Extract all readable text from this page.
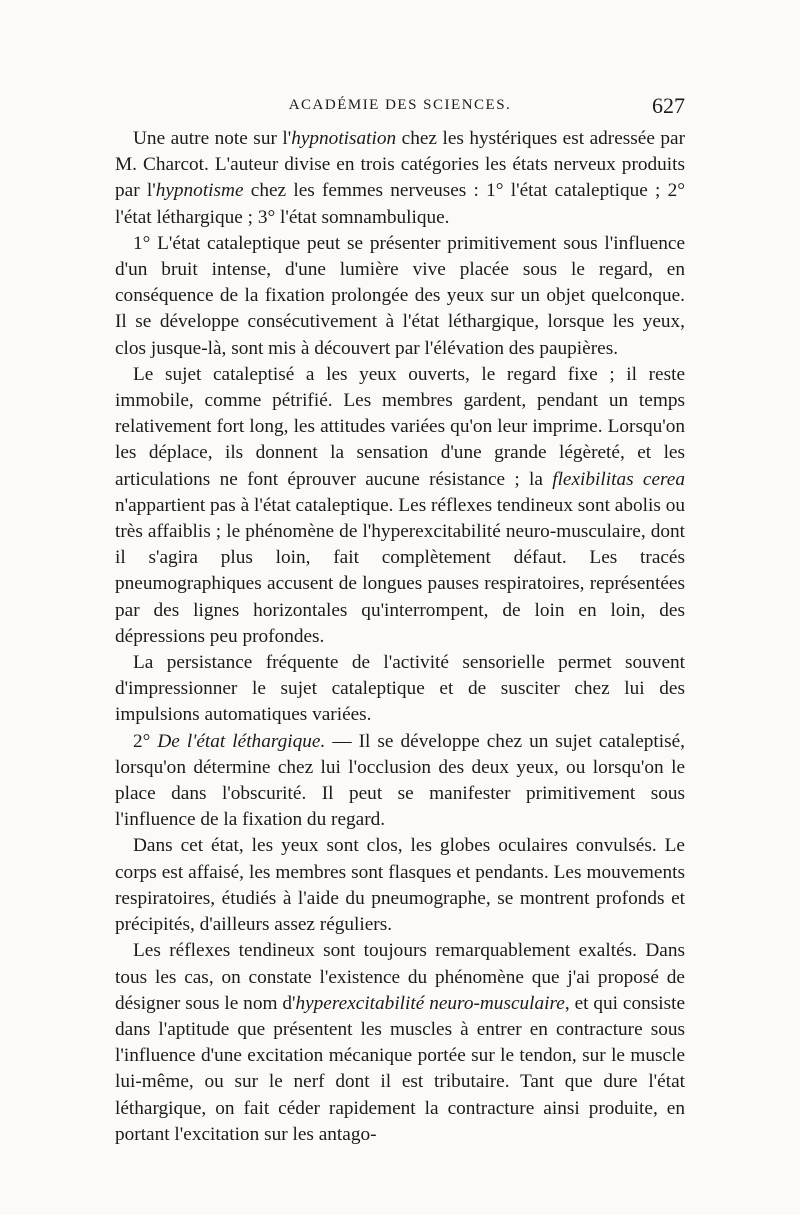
ACADÉMIE DES SCIENCES.	627

Une autre note sur l'hypnotisation chez les hystériques est adressée par M. Charcot. L'auteur divise en trois catégories les états nerveux produits par l'hypnotisme chez les femmes nerveuses : 1° l'état cataleptique ; 2° l'état léthargique ; 3° l'état somnambulique.

1° L'état cataleptique peut se présenter primitivement sous l'influence d'un bruit intense, d'une lumière vive placée sous le regard, en conséquence de la fixation prolongée des yeux sur un objet quelconque. Il se développe consécutivement à l'état léthargique, lorsque les yeux, clos jusque-là, sont mis à découvert par l'élévation des paupières.

Le sujet cataleptisé a les yeux ouverts, le regard fixe ; il reste immobile, comme pétrifié. Les membres gardent, pendant un temps relativement fort long, les attitudes variées qu'on leur imprime. Lorsqu'on les déplace, ils donnent la sensation d'une grande légèreté, et les articulations ne font éprouver aucune résistance ; la flexibilitas cerea n'appartient pas à l'état cataleptique. Les réflexes tendineux sont abolis ou très affaiblis ; le phénomène de l'hyperexcitabilité neuro-musculaire, dont il s'agira plus loin, fait complètement défaut. Les tracés pneumographiques accusent de longues pauses respiratoires, représentées par des lignes horizontales qu'interrompent, de loin en loin, des dépressions peu profondes.

La persistance fréquente de l'activité sensorielle permet souvent d'impressionner le sujet cataleptique et de susciter chez lui des impulsions automatiques variées.

2° De l'état léthargique. — Il se développe chez un sujet cataleptisé, lorsqu'on détermine chez lui l'occlusion des deux yeux, ou lorsqu'on le place dans l'obscurité. Il peut se manifester primitivement sous l'influence de la fixation du regard.

Dans cet état, les yeux sont clos, les globes oculaires convulsés. Le corps est affaisé, les membres sont flasques et pendants. Les mouvements respiratoires, étudiés à l'aide du pneumographe, se montrent profonds et précipités, d'ailleurs assez réguliers.

Les réflexes tendineux sont toujours remarquablement exaltés. Dans tous les cas, on constate l'existence du phénomène que j'ai proposé de désigner sous le nom d'hyperexcitabilité neuro-musculaire, et qui consiste dans l'aptitude que présentent les muscles à entrer en contracture sous l'influence d'une excitation mécanique portée sur le tendon, sur le muscle lui-même, ou sur le nerf dont il est tributaire. Tant que dure l'état léthargique, on fait céder rapidement la contracture ainsi produite, en portant l'excitation sur les antago-
